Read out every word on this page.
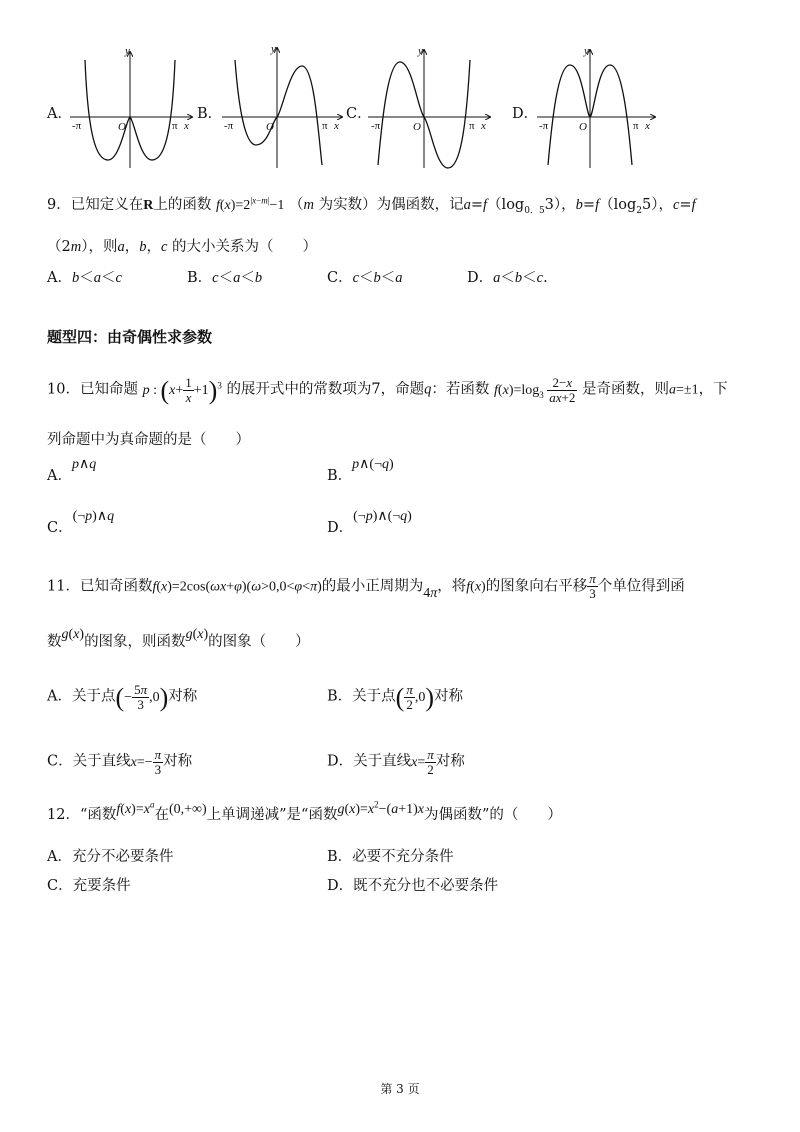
A．	B．	C．	D．
y
-π	O	π x
y
-π	O	π x
y
-π	O	π x
y
-π	O	π x
9．已知定义在R上的函数 $f(x)=2^{|x-m|}-1$ （m 为实数）为偶函数，记$a=f(\log_{0.5}3)$，$b=f(\log_25)$，c=f
（2m），则a，b，c 的大小关系为（　　）
A．b＜a＜c	B．c＜a＜b	C．c＜b＜a	D．a＜b＜c.
题型四：由奇偶性求参数
10．已知命题 p : $(x+ \frac{1}{x} +1)^3$ 的展开式中的常数项为7，命题q：若函数 $f(x)=\log_3 \frac{2-x}{ax+2}$ 是奇函数，则a=±1，下
列命题中为真命题的是（　　）
A．p∧q
B．p∧(¬q)
C．(¬p)∧q
D．(¬p)∧(¬q)
11．已知奇函数f(x)=2cos(ωx+φ)(ω>0,0<φ<π)的最小正周期为4π，将f(x)的图象向右平移 $\frac{\pi}{3}$ 个单位得到函
数g(x)的图象，则函数g(x)的图象（　　）
A．关于点(− $\frac{5\pi}{3} ,0$)对称	B．关于点( $\frac{\pi}{2} ,0$)对称
C．关于直线$x=- \frac{\pi}{3}$ 对称	D．关于直线$x= \frac{\pi}{2}$ 对称
12．“函数$f(x)=x^a$在(0,+∞)上单调递减”是“函数$g(x)=x^2-(a+1)x$为偶函数”的（　　）
A．充分不必要条件	B．必要不充分条件
C．充要条件	D．既不充分也不必要条件
第 3 页
